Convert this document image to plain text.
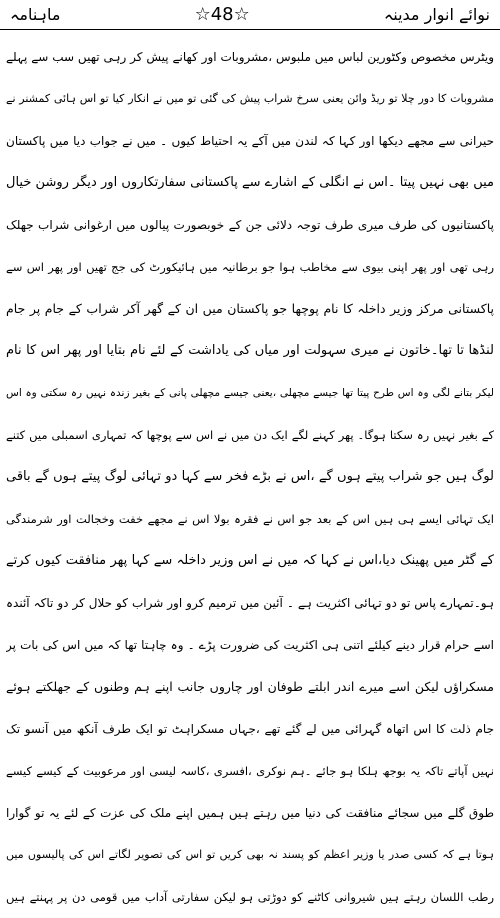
ماہنامہ	☆48☆	نوائے انوار مدینہ
ویٹرس مخصوص وکٹورین لباس میں ملبوس ،مشروبات اور کھانے پیش کر رہی تھیں سب سے پہلے
مشروبات کا دور چلا تو ریڈ وائن یعنی سرخ شراب پیش کی گئی تو میں نے انکار کیا تو اس ہائی کمشنر نے
حیرانی سے مجھے دیکھا اور کہا کہ لندن میں آکے یہ احتیاط کیوں ۔ میں نے جواب دیا میں پاکستان
میں بھی نہیں پیتا ۔اس نے انگلی کے اشارے سے پاکستانی سفارتکاروں اور دیگر روشن خیال
پاکستانیوں کی طرف میری طرف توجہ دلائی جن کے خوبصورت پیالوں میں ارغوانی شراب جھلک
رہی تھی اور پھر اپنی بیوی سے مخاطب ہوا جو برطانیہ میں ہائیکورٹ کی جج تھیں اور پھر اس سے
پاکستانی مرکز وزیر داخلہ کا نام پوچھا جو پاکستان میں ان کے گھر آکر شراب کے جام پر جام
لنڈھا تا تھا۔خاتون نے میری سہولت اور میاں کی یاداشت کے لئے نام بتایا اور پھر اس کا نام
لیکر بتانے لگی وہ اس طرح پیتا تھا جیسے مچھلی ،یعنی جیسے مچھلی پانی کے بغیر زندہ نہیں رہ سکتی وہ اس
کے بغیر نہیں رہ سکتا ہوگا۔ پھر کہنے لگے ایک دن میں نے اس سے پوچھا کہ تمہاری اسمبلی میں کتنے
لوگ ہیں جو شراب پیتے ہوں گے ،اس نے بڑے فخر سے کہا دو تہائی لوگ پیتے ہوں گے باقی
ایک تہائی ایسے ہی ہیں اس کے بعد جو اس نے فقرہ بولا اس نے مجھے خفت وخجالت اور شرمندگی
کے گٹر میں پھینک دیا،اس نے کہا کہ میں نے اس وزیر داخلہ سے کہا پھر منافقت کیوں کرتے
ہو۔تمہارے پاس تو دو تہائی اکثریت ہے ۔ آئین میں ترمیم کرو اور شراب کو حلال کر دو تاکہ آئندہ
اسے حرام قرار دینے کیلئے اتنی ہی اکثریت کی ضرورت پڑے ۔ وہ چاہتا تھا کہ میں اس کی بات پر
مسکراؤں لیکن اسے میرے اندر ابلتے طوفان اور چاروں جانب اپنے ہم وطنوں کے جھلکتے ہوئے
جام ذلت کا اس اتھاہ گہرائی میں لے گئے تھے ،جہاں مسکراہٹ تو ایک طرف آنکھ میں آنسو تک
نہیں آپاتے تاکہ یہ بوجھ ہلکا ہو جائے ۔ہم نوکری ،افسری ،کاسہ لیسی اور مرعوبیت کے کیسے کیسے
طوق گلے میں سجائے منافقت کی دنیا میں رہتے ہیں ہمیں اپنے ملک کی عزت کے لئے یہ تو گوارا
ہوتا ہے کہ کسی صدر یا وزیر اعظم کو پسند نہ بھی کریں تو اس کی تصویر لگاتے اس کی پالیسوں میں
رطب اللسان رہتے ہیں شیروانی کاٹنے کو دوڑتی ہو لیکن سفارتی آداب میں قومی دن پر پہنتے ہیں
